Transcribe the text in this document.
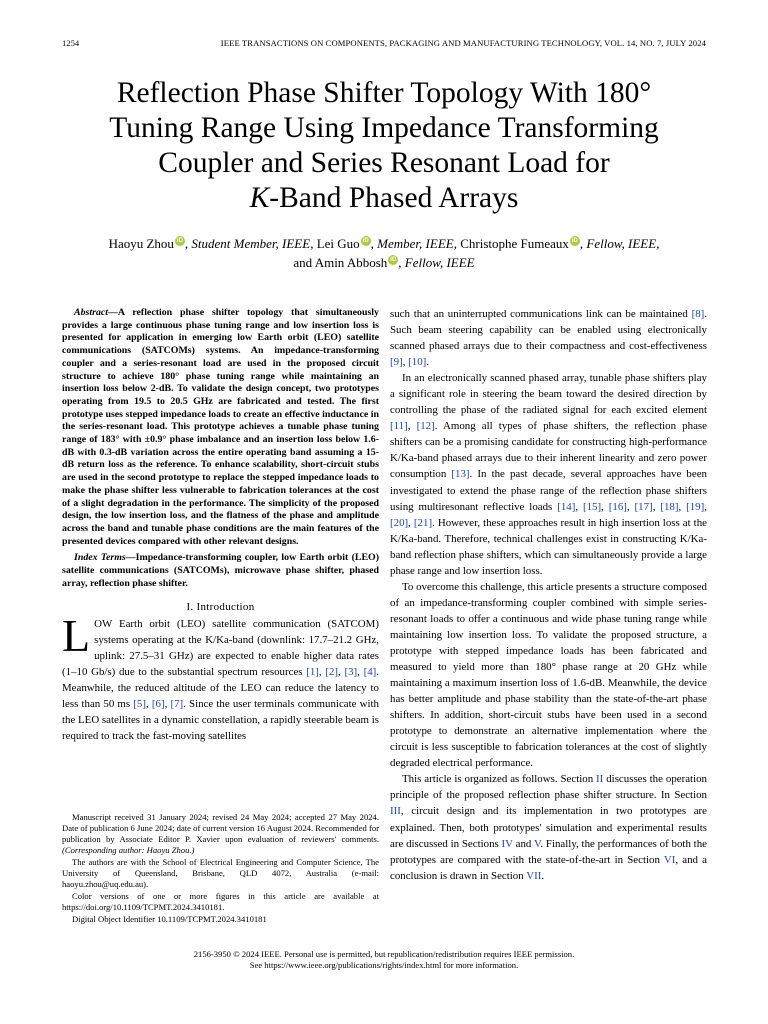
1254	IEEE TRANSACTIONS ON COMPONENTS, PACKAGING AND MANUFACTURING TECHNOLOGY, VOL. 14, NO. 7, JULY 2024
Reflection Phase Shifter Topology With 180°
Tuning Range Using Impedance Transforming
Coupler and Series Resonant Load for
K-Band Phased Arrays
Haoyu Zhou iD , Student Member, IEEE, Lei Guo iD , Member, IEEE, Christophe Fumeaux iD , Fellow, IEEE,
and Amin Abbosh iD , Fellow, IEEE

Abstract—A reflection phase shifter topology that simultaneously provides a large continuous phase tuning range and low insertion loss is presented for application in emerging low Earth orbit (LEO) satellite communications (SATCOMs) systems. An impedance-transforming coupler and a series-resonant load are used in the proposed circuit structure to achieve 180° phase tuning range while maintaining an insertion loss below 2-dB. To validate the design concept, two prototypes operating from 19.5 to 20.5 GHz are fabricated and tested. The first prototype uses stepped impedance loads to create an effective inductance in the series-resonant load. This prototype achieves a tunable phase tuning range of 183° with ±0.9° phase imbalance and an insertion loss below 1.6-dB with 0.3-dB variation across the entire operating band assuming a 15-dB return loss as the reference. To enhance scalability, short-circuit stubs are used in the second prototype to replace the stepped impedance loads to make the phase shifter less vulnerable to fabrication tolerances at the cost of a slight degradation in the performance. The simplicity of the proposed design, the low insertion loss, and the flatness of the phase and amplitude across the band and tunable phase conditions are the main features of the presented devices compared with other relevant designs.

Index Terms—Impedance-transforming coupler, low Earth orbit (LEO) satellite communications (SATCOMs), microwave phase shifter, phased array, reflection phase shifter.

I. Introduction

LOW Earth orbit (LEO) satellite communication (SATCOM) systems operating at the K/Ka-band (downlink: 17.7–21.2 GHz, uplink: 27.5–31 GHz) are expected to enable higher data rates (1–10 Gb/s) due to the substantial spectrum resources [1], [2], [3], [4]. Meanwhile, the reduced altitude of the LEO can reduce the latency to less than 50 ms [5], [6], [7]. Since the user terminals communicate with the LEO satellites in a dynamic constellation, a rapidly steerable beam is required to track the fast-moving satellites

Manuscript received 31 January 2024; revised 24 May 2024; accepted 27 May 2024. Date of publication 6 June 2024; date of current version 16 August 2024. Recommended for publication by Associate Editor P. Xavier upon evaluation of reviewers' comments. (Corresponding author: Haoyu Zhou.)

The authors are with the School of Electrical Engineering and Computer Science, The University of Queensland, Brisbane, QLD 4072, Australia (e-mail: haoyu.zhou@uq.edu.au).

Color versions of one or more figures in this article are available at https://doi.org/10.1109/TCPMT.2024.3410181.

Digital Object Identifier 10.1109/TCPMT.2024.3410181

such that an uninterrupted communications link can be maintained [8]. Such beam steering capability can be enabled using electronically scanned phased arrays due to their compactness and cost-effectiveness [9], [10].

In an electronically scanned phased array, tunable phase shifters play a significant role in steering the beam toward the desired direction by controlling the phase of the radiated signal for each excited element [11], [12]. Among all types of phase shifters, the reflection phase shifters can be a promising candidate for constructing high-performance K/Ka-band phased arrays due to their inherent linearity and zero power consumption [13]. In the past decade, several approaches have been investigated to extend the phase range of the reflection phase shifters using multiresonant reflective loads [14], [15], [16], [17], [18], [19], [20], [21]. However, these approaches result in high insertion loss at the K/Ka-band. Therefore, technical challenges exist in constructing K/Ka-band reflection phase shifters, which can simultaneously provide a large phase range and low insertion loss.

To overcome this challenge, this article presents a structure composed of an impedance-transforming coupler combined with simple series-resonant loads to offer a continuous and wide phase tuning range while maintaining low insertion loss. To validate the proposed structure, a prototype with stepped impedance loads has been fabricated and measured to yield more than 180° phase range at 20 GHz while maintaining a maximum insertion loss of 1.6-dB. Meanwhile, the device has better amplitude and phase stability than the state-of-the-art phase shifters. In addition, short-circuit stubs have been used in a second prototype to demonstrate an alternative implementation where the circuit is less susceptible to fabrication tolerances at the cost of slightly degraded electrical performance.

This article is organized as follows. Section II discusses the operation principle of the proposed reflection phase shifter structure. In Section III, circuit design and its implementation in two prototypes are explained. Then, both prototypes' simulation and experimental results are discussed in Sections IV and V. Finally, the performances of both the prototypes are compared with the state-of-the-art in Section VI, and a conclusion is drawn in Section VII.

2156-3950 © 2024 IEEE. Personal use is permitted, but republication/redistribution requires IEEE permission.
See https://www.ieee.org/publications/rights/index.html for more information.
